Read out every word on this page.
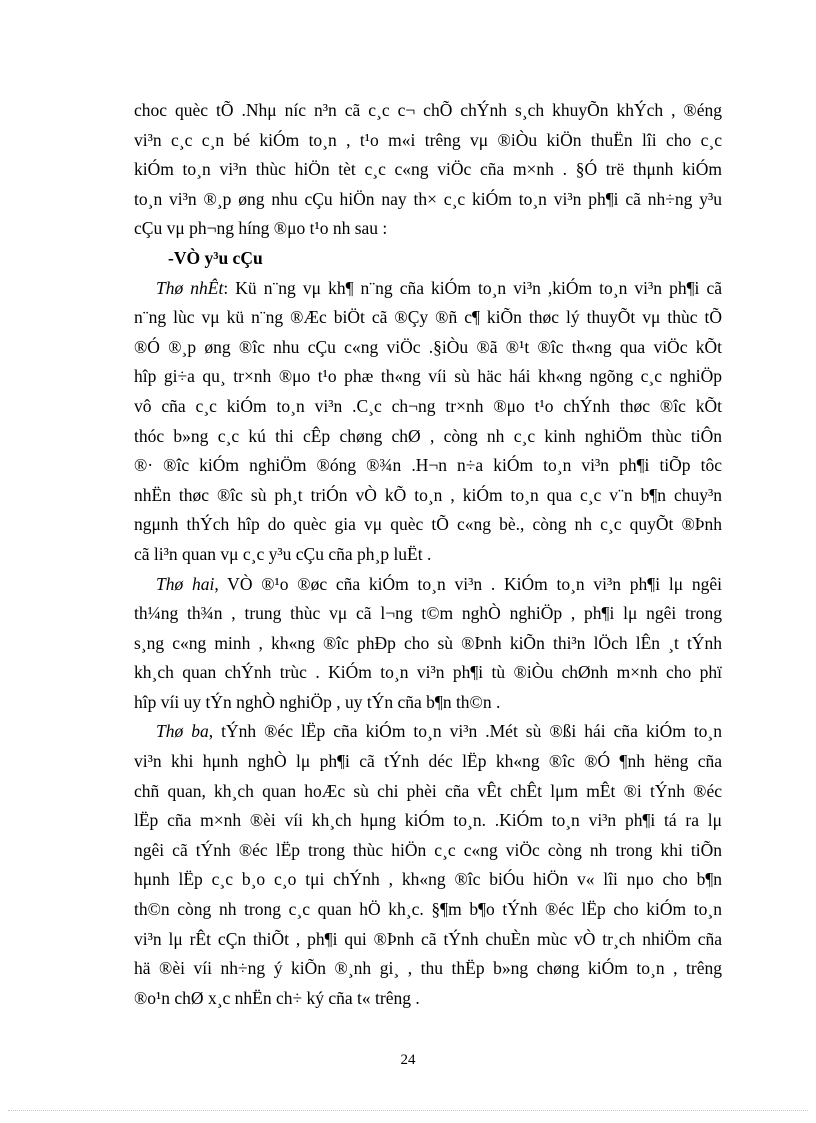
choc quèc tÕ .Nhμ níc n³n cã c¸c c¬ chÕ chÝnh s¸ch khuyÕn khÝch , ®éng
vi³n c¸c c¸n bé kiÓm to¸n , t¹o m«i trêng vμ ®iÒu kiÖn thuËn lîi cho c¸c
kiÓm to¸n vi³n thùc hiÖn tèt c¸c c«ng viÖc cña m×nh . §Ó trë thμnh kiÓm
to¸n vi³n ®¸p øng nhu cÇu hiÖn nay th× c¸c kiÓm to¸n vi³n ph¶i cã nh÷ng y³u
cÇu vμ ph¬ng híng ®μo t¹o nh sau :
-VÒ y³u cÇu
Thø nhÊt: Kü n¨ng vμ kh¶ n¨ng cña kiÓm to¸n vi³n ,kiÓm to¸n vi³n ph¶i cã
n¨ng lùc vμ kü n¨ng ®Æc biÖt cã ®Çy ®ñ c¶ kiÕn thøc lý thuyÕt vμ thùc tÕ
®Ó ®¸p øng ®îc nhu cÇu c«ng viÖc .§iÒu ®ã ®¹t ®îc th«ng qua viÖc kÕt
hîp gi÷a qu¸ tr×nh ®μo t¹o phæ th«ng víi sù häc hái kh«ng ngõng c¸c nghiÖp
vô cña c¸c kiÓm to¸n vi³n .C¸c ch¬ng tr×nh ®μo t¹o chÝnh thøc ®îc kÕt
thóc b»ng c¸c kú thi cÊp chøng chØ , còng nh c¸c kinh nghiÖm thùc tiÔn
®· ®îc kiÓm nghiÖm ®óng ®¾n .H¬n n÷a kiÓm to¸n vi³n ph¶i tiÕp tôc
nhËn thøc ®îc sù ph¸t triÓn vÒ kÕ to¸n , kiÓm to¸n qua c¸c v¨n b¶n chuy³n
ngμnh thÝch hîp do quèc gia vμ quèc tÕ c«ng bè., còng nh c¸c quyÕt ®Þnh
cã li³n quan vμ c¸c y³u cÇu cña ph¸p luËt .
Thø hai, VÒ ®¹o ®øc cña kiÓm to¸n vi³n . KiÓm to¸n vi³n ph¶i lμ ngêi
th¼ng th¾n , trung thùc vμ cã l¬ng t©m nghÒ nghiÖp , ph¶i lμ ngêi trong
s¸ng c«ng minh , kh«ng ®îc phÐp cho sù ®Þnh kiÕn thi³n lÖch lÊn ¸t tÝnh
kh¸ch quan chÝnh trùc . KiÓm to¸n vi³n ph¶i tù ®iÒu chØnh m×nh cho phï
hîp víi uy tÝn nghÒ nghiÖp , uy tÝn cña b¶n th©n .
Thø ba, tÝnh ®éc lËp cña kiÓm to¸n vi³n .Mét sù ®ßi hái cña kiÓm to¸n
vi³n khi hμnh nghÒ lμ ph¶i cã tÝnh déc lËp kh«ng ®îc ®Ó ¶nh hëng cña
chñ quan, kh¸ch quan hoÆc sù chi phèi cña vÊt chÊt lμm mÊt ®i tÝnh ®éc
lËp cña m×nh ®èi víi kh¸ch hμng kiÓm to¸n. .KiÓm to¸n vi³n ph¶i tá ra lμ
ngêi cã tÝnh ®éc lËp trong thùc hiÖn c¸c c«ng viÖc còng nh trong khi tiÕn
hμnh lËp c¸c b¸o c¸o tμi chÝnh , kh«ng ®îc biÓu hiÖn v« lîi nμo cho b¶n
th©n còng nh trong c¸c quan hÖ kh¸c. §¶m b¶o tÝnh ®éc lËp cho kiÓm to¸n
vi³n lμ rÊt cÇn thiÕt , ph¶i qui ®Þnh cã tÝnh chuÈn mùc vÒ tr¸ch nhiÖm cña
hä ®èi víi nh÷ng ý kiÕn ®¸nh gi¸ , thu thËp b»ng chøng kiÓm to¸n , trêng
®o¹n chØ x¸c nhËn ch÷ ký cña t« trêng .
24
